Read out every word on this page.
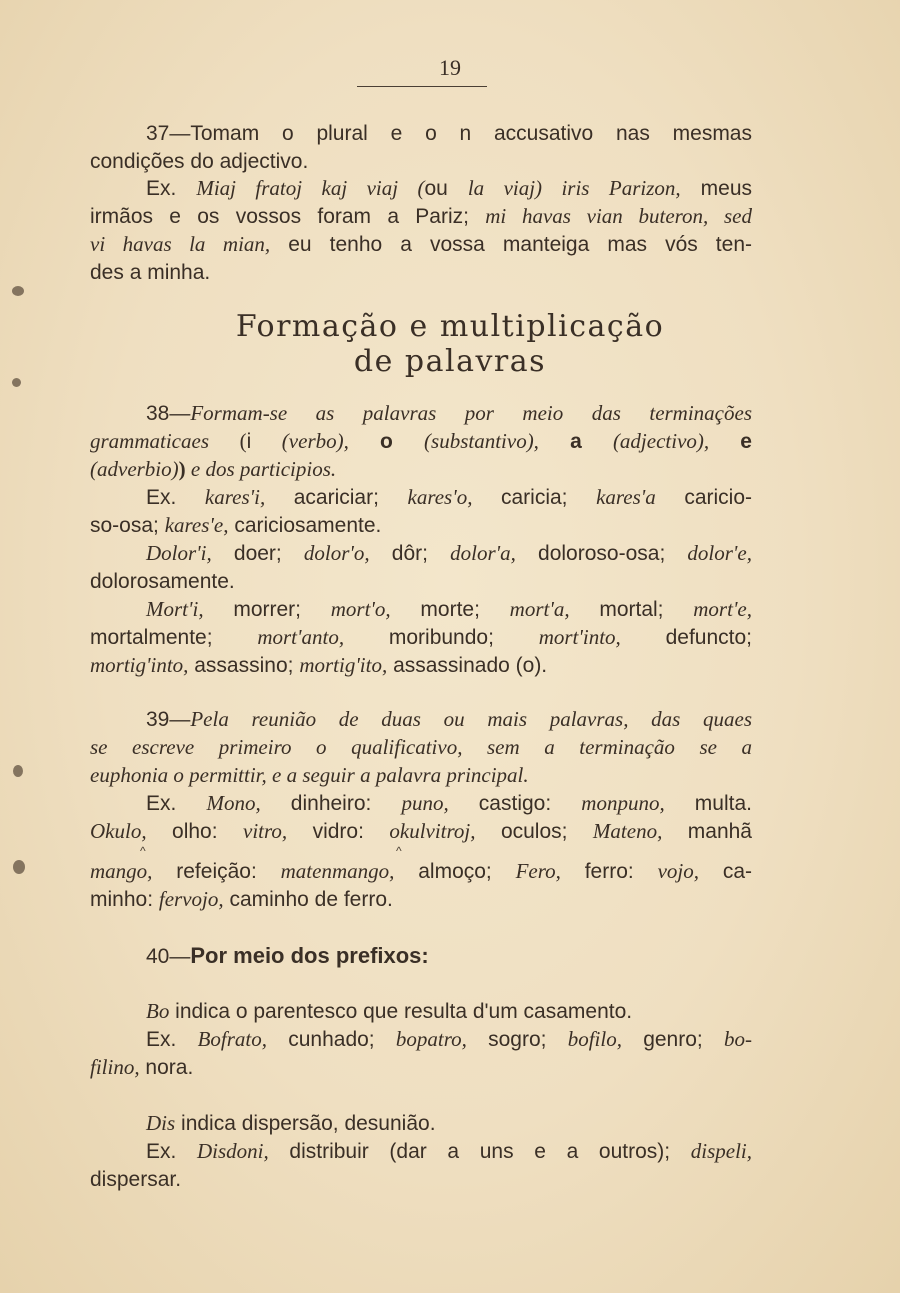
19
37—Tomam o plural e o n accusativo nas mesmas
condições do adjectivo.
Ex. Miaj fratoj kaj viaj (ou la viaj) iris Parizon, meus
irmãos e os vossos foram a Pariz; mi havas vian buteron, sed
vi havas la mian, eu tenho a vossa manteiga mas vós ten-
des a minha.
Formação e multiplicação
de palavras
38—Formam-se as palavras por meio das terminações
grammaticaes (i (verbo), o (substantivo), a (adjectivo), e
(adverbio)) e dos participios.
Ex. kares'i, acariciar; kares'o, caricia; kares'a caricio-
so-osa; kares'e, cariciosamente.
Dolor'i, doer; dolor'o, dôr; dolor'a, doloroso-osa; dolor'e,
dolorosamente.
Mort'i, morrer; mort'o, morte; mort'a, mortal; mort'e,
mortalmente; mort'anto, moribundo; mort'into, defuncto;
mortig'into, assassino; mortig'ito, assassinado (o).
39—Pela reunião de duas ou mais palavras, das quaes
se escreve primeiro o qualificativo, sem a terminação se a
euphonia o permittir, e a seguir a palavra principal.
Ex. Mono, dinheiro: puno, castigo: monpuno, multa.
Okulo, olho: vitro, vidro: okulvitroj, oculos; Mateno, manhã
^	^
mango, refeição: matenmango, almoço; Fero, ferro: vojo, ca-
minho: fervojo, caminho de ferro.
40—Por meio dos prefixos:
Bo indica o parentesco que resulta d'um casamento.
Ex. Bofrato, cunhado; bopatro, sogro; bofilo, genro; bo-
filino, nora.
Dis indica dispersão, desunião.
Ex. Disdoni, distribuir (dar a uns e a outros); dispeli,
dispersar.
